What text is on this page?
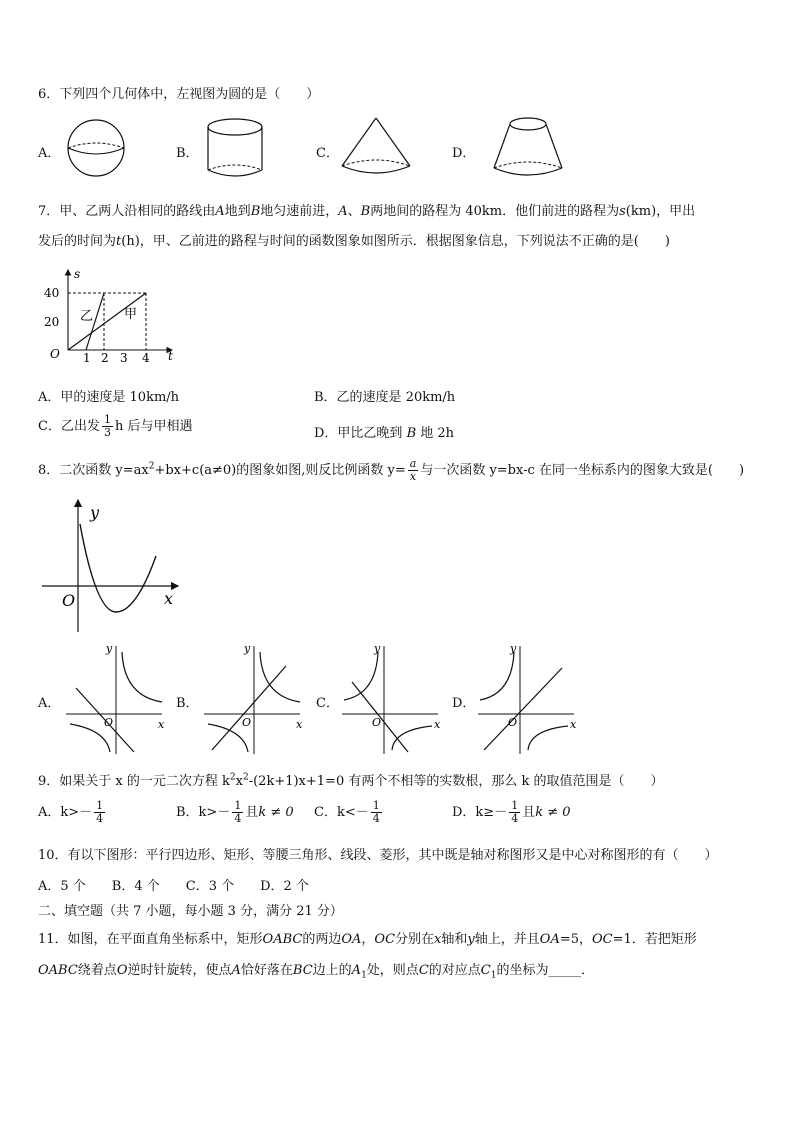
6．下列四个几何体中，左视图为圆的是（　　）
A．	B．	C．	D．
7．甲、乙两人沿相同的路线由A地到B地匀速前进，A、B两地间的路程为 40km．他们前进的路程为s(km)，甲出
发后的时间为t(h)，甲、乙前进的路程与时间的函数图象如图所示．根据图象信息，下列说法不正确的是(　　)
s
t
O
40
20
1 2 3 4
乙 甲
A．甲的速度是 10km/h	B．乙的速度是 20km/h
C．乙出发 $\frac{1}{3}$ h 后与甲相遇	D．甲比乙晚到 B 地 2h
8．二次函数 $y=ax^2+bx+c(a\ne 0)$的图象如图,则反比例函数 $y= \frac{a}{x}$ 与一次函数 y=bx-c 在同一坐标系内的图象大致是(　　)
y
x
O
A．
y
x
O
B．
y
x
O
C．
y
x
O
D．
y
x
O
9．如果关于 x 的一元二次方程 $k^2x^2-(2k+1)x+1=0$ 有两个不相等的实数根，那么 k 的取值范围是（　　）
A．$k>- \frac{1}{4}$	B．$k>- \frac{1}{4}$ 且k ≠ 0 C．$k<- \frac{1}{4}$	D．$k\ge- \frac{1}{4}$ 且k ≠ 0
10．有以下图形：平行四边形、矩形、等腰三角形、线段、菱形，其中既是轴对称图形又是中心对称图形的有（　　）
A．5 个　　B．4 个　　C．3 个　　D．2 个
二、填空题（共 7 小题，每小题 3 分，满分 21 分）
11．如图，在平面直角坐标系中，矩形OABC的两边OA，OC分别在x轴和y轴上，并且OA=5，OC=1．若把矩形
OABC绕着点O逆时针旋转，使点A恰好落在BC边上的$A_1$处，则点C的对应点$C_1$的坐标为_____．
